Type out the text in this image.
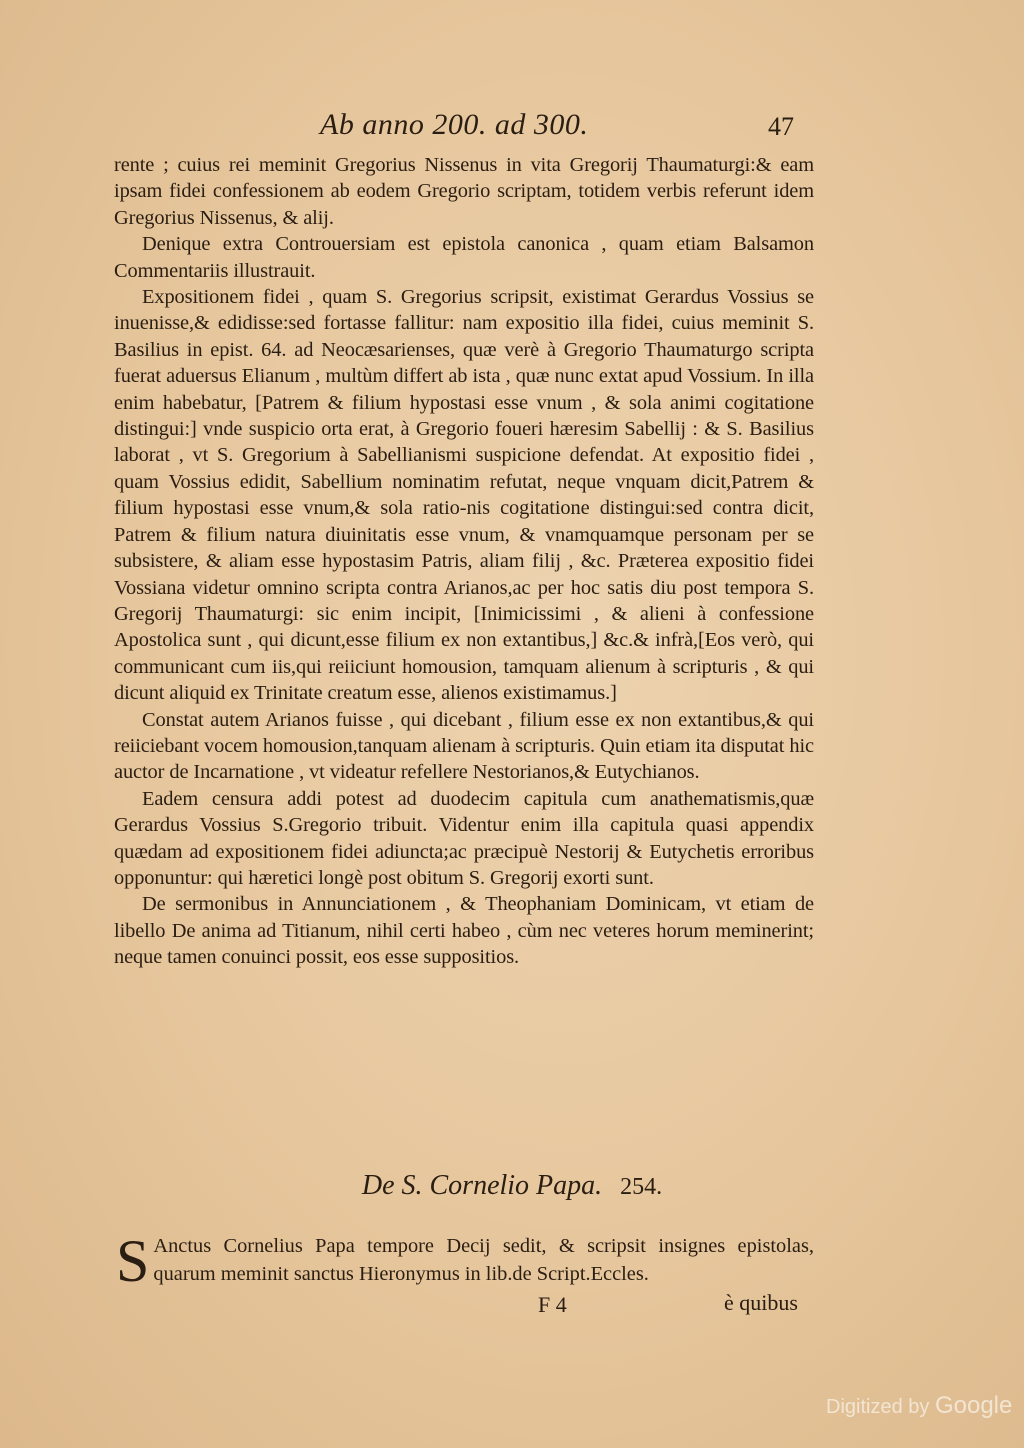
Ab anno 200. ad 300.	47

rente ; cuius rei meminit Gregorius Nissenus in vita Gregorij Thaumaturgi:& eam ipsam fidei confessionem ab eodem Gregorio scriptam, totidem verbis referunt idem Gregorius Nissenus, & alij.

Denique extra Controuersiam est epistola canonica , quam etiam Balsamon Commentariis illustrauit.

Expositionem fidei , quam S. Gregorius scripsit, existimat Gerardus Vossius se inuenisse,& edidisse:sed fortasse fallitur: nam expositio illa fidei, cuius meminit S. Basilius in epist. 64. ad Neocæsarienses, quæ verè à Gregorio Thaumaturgo scripta fuerat aduersus Elianum , multùm differt ab ista , quæ nunc extat apud Vossium. In illa enim habebatur, [Patrem & filium hypostasi esse vnum , & sola animi cogitatione distingui:] vnde suspicio orta erat, à Gregorio foueri hæresim Sabellij : & S. Basilius laborat , vt S. Gregorium à Sabellianismi suspicione defendat. At expositio fidei , quam Vossius edidit, Sabellium nominatim refutat, neque vnquam dicit,Patrem & filium hypostasi esse vnum,& sola ratio-nis cogitatione distingui:sed contra dicit, Patrem & filium natura diuinitatis esse vnum, & vnamquamque personam per se subsistere, & aliam esse hypostasim Patris, aliam filij , &c. Præterea expositio fidei Vossiana videtur omnino scripta contra Arianos,ac per hoc satis diu post tempora S. Gregorij Thaumaturgi: sic enim incipit, [Inimicissimi , & alieni à confessione Apostolica sunt , qui dicunt,esse filium ex non extantibus,] &c.& infrà,[Eos verò, qui communicant cum iis,qui reiiciunt homousion, tamquam alienum à scripturis , & qui dicunt aliquid ex Trinitate creatum esse, alienos existimamus.]

Constat autem Arianos fuisse , qui dicebant , filium esse ex non extantibus,& qui reiiciebant vocem homousion,tanquam alienam à scripturis. Quin etiam ita disputat hic auctor de Incarnatione , vt videatur refellere Nestorianos,& Eutychianos.

Eadem censura addi potest ad duodecim capitula cum anathematismis,quæ Gerardus Vossius S.Gregorio tribuit. Videntur enim illa capitula quasi appendix quædam ad expositionem fidei adiuncta;ac præcipuè Nestorij & Eutychetis erroribus opponuntur: qui hæretici longè post obitum S. Gregorij exorti sunt.

De sermonibus in Annunciationem , & Theophaniam Dominicam, vt etiam de libello De anima ad Titianum, nihil certi habeo , cùm nec veteres horum meminerint; neque tamen conuinci possit, eos esse suppositios.

De S. Cornelio Papa. 254.

S Anctus Cornelius Papa tempore Decij sedit, & scripsit insignes epistolas, quarum meminit sanctus Hieronymus in lib.de Script.Eccles.

F 4	è quibus
Digitized by Google
